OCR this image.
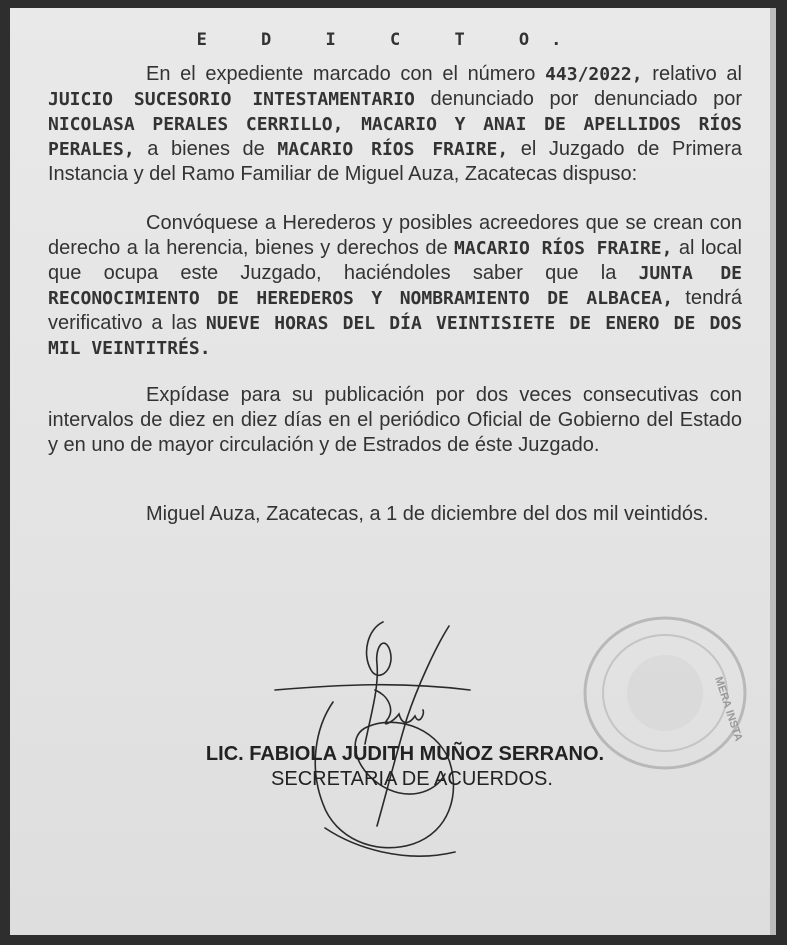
E D I C T O.

En el expediente marcado con el número 443/2022, relativo al JUICIO SUCESORIO INTESTAMENTARIO denunciado por denunciado por NICOLASA PERALES CERRILLO, MACARIO Y ANAI DE APELLIDOS RÍOS PERALES, a bienes de MACARIO RÍOS FRAIRE, el Juzgado de Primera Instancia y del Ramo Familiar de Miguel Auza, Zacatecas dispuso:

Convóquese a Herederos y posibles acreedores que se crean con derecho a la herencia, bienes y derechos de MACARIO RÍOS FRAIRE, al local que ocupa este Juzgado, haciéndoles saber que la JUNTA DE RECONOCIMIENTO DE HEREDEROS Y NOMBRAMIENTO DE ALBACEA, tendrá verificativo a las NUEVE HORAS DEL DÍA VEINTISIETE DE ENERO DE DOS MIL VEINTITRÉS.

Expídase para su publicación por dos veces consecutivas con intervalos de diez en diez días en el periódico Oficial de Gobierno del Estado y en uno de mayor circulación y de Estrados de éste Juzgado.

Miguel Auza, Zacatecas, a 1 de diciembre del dos mil veintidós.

MERA INSTA
LIC. FABIOLA JUDITH MUÑOZ SERRANO.
SECRETARIA DE ACUERDOS.
